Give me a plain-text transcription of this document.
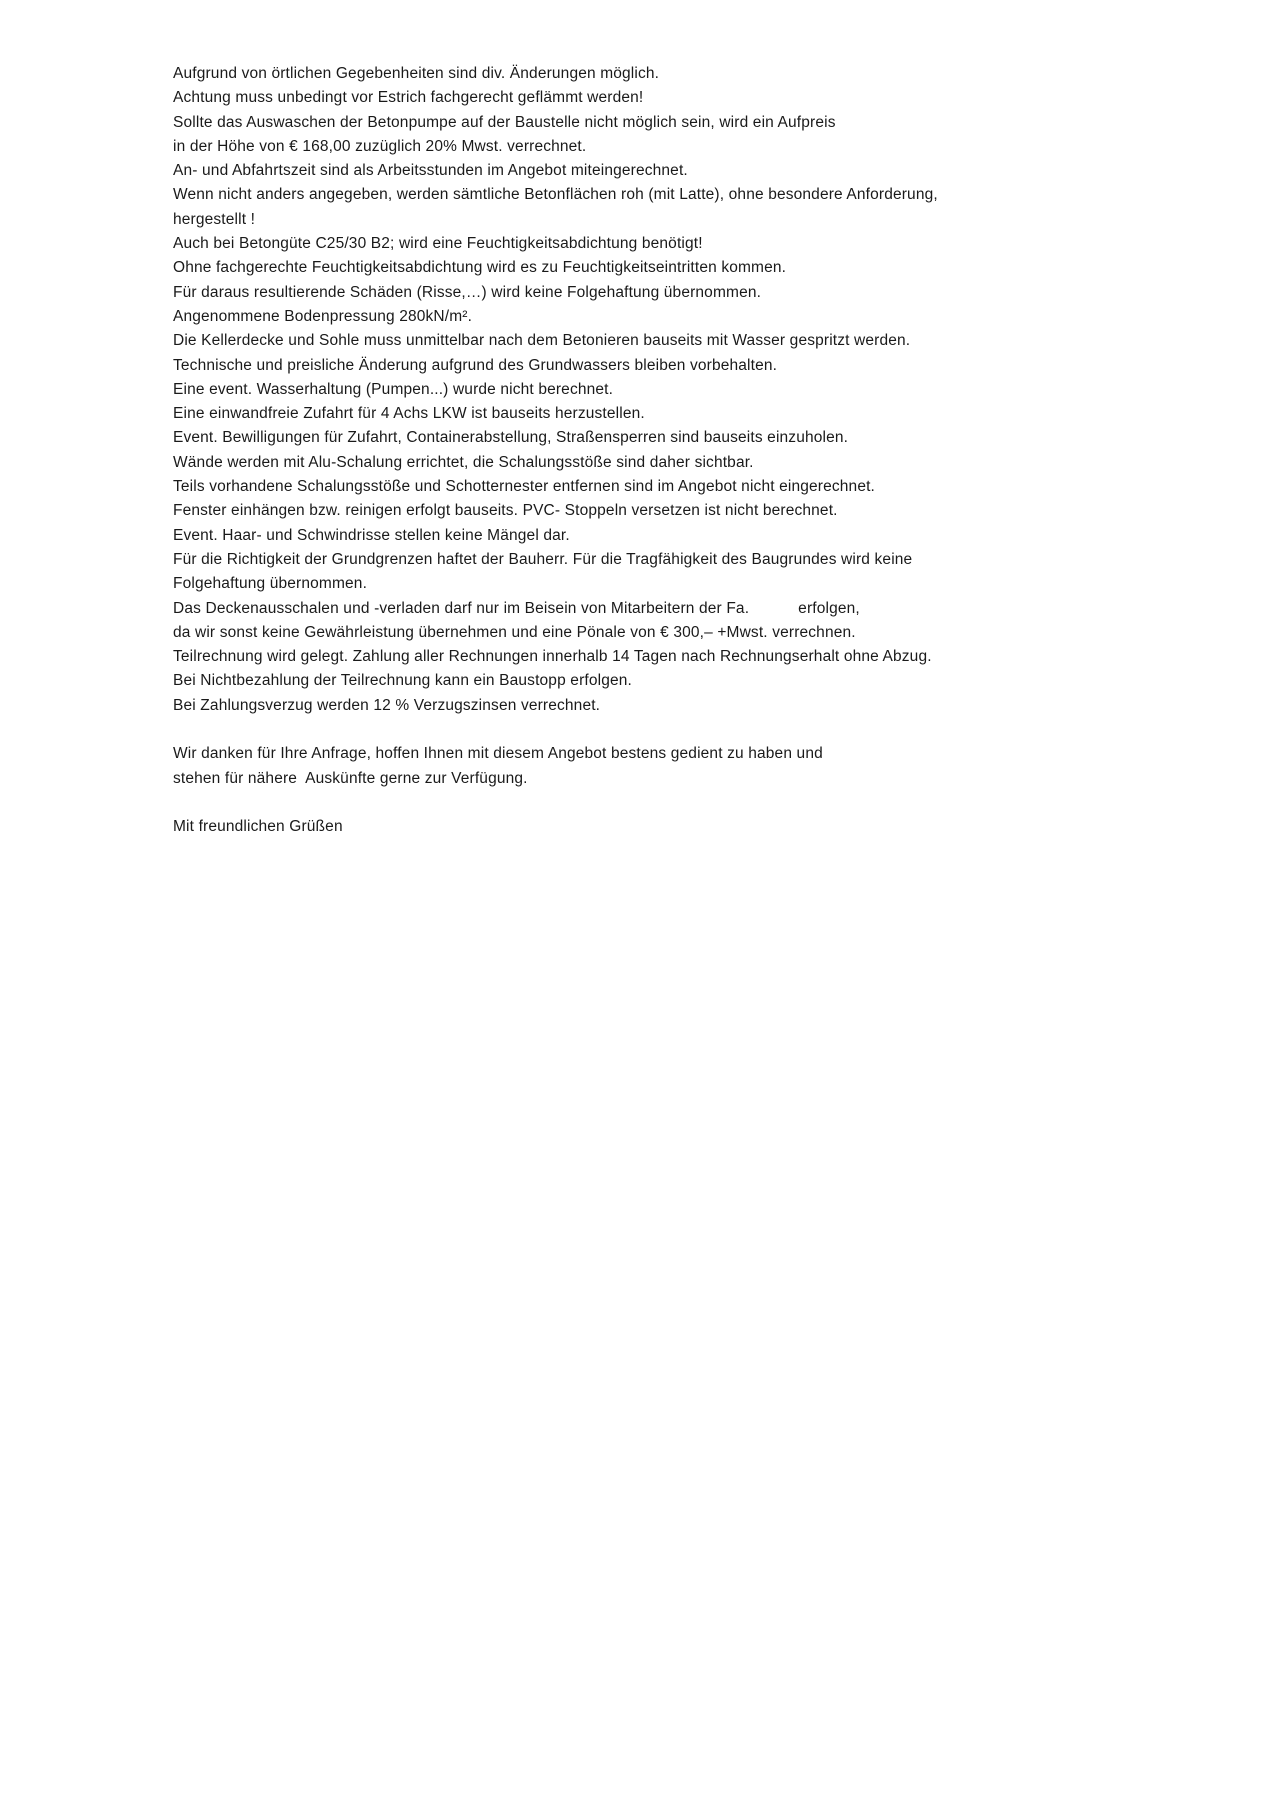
Aufgrund von örtlichen Gegebenheiten sind div. Änderungen möglich.
Achtung muss unbedingt vor Estrich fachgerecht geflämmt werden!
Sollte das Auswaschen der Betonpumpe auf der Baustelle nicht möglich sein, wird ein Aufpreis
in der Höhe von € 168,00 zuzüglich 20% Mwst. verrechnet.
An- und Abfahrtszeit sind als Arbeitsstunden im Angebot miteingerechnet.
Wenn nicht anders angegeben, werden sämtliche Betonflächen roh (mit Latte), ohne besondere Anforderung,
hergestellt !
Auch bei Betongüte C25/30 B2; wird eine Feuchtigkeitsabdichtung benötigt!
Ohne fachgerechte Feuchtigkeitsabdichtung wird es zu Feuchtigkeitseintritten kommen.
Für daraus resultierende Schäden (Risse,…) wird keine Folgehaftung übernommen.
Angenommene Bodenpressung 280kN/m².
Die Kellerdecke und Sohle muss unmittelbar nach dem Betonieren bauseits mit Wasser gespritzt werden.
Technische und preisliche Änderung aufgrund des Grundwassers bleiben vorbehalten.
Eine event. Wasserhaltung (Pumpen...) wurde nicht berechnet.
Eine einwandfreie Zufahrt für 4 Achs LKW ist bauseits herzustellen.
Event. Bewilligungen für Zufahrt, Containerabstellung, Straßensperren sind bauseits einzuholen.
Wände werden mit Alu-Schalung errichtet, die Schalungsstöße sind daher sichtbar.
Teils vorhandene Schalungsstöße und Schotternester entfernen sind im Angebot nicht eingerechnet.
Fenster einhängen bzw. reinigen erfolgt bauseits. PVC- Stoppeln versetzen ist nicht berechnet.
Event. Haar- und Schwindrisse stellen keine Mängel dar.
Für die Richtigkeit der Grundgrenzen haftet der Bauherr. Für die Tragfähigkeit des Baugrundes wird keine
Folgehaftung übernommen.
Das Deckenausschalen und -verladen darf nur im Beisein von Mitarbeitern der Fa.           erfolgen,
da wir sonst keine Gewährleistung übernehmen und eine Pönale von € 300,– +Mwst. verrechnen.
Teilrechnung wird gelegt. Zahlung aller Rechnungen innerhalb 14 Tagen nach Rechnungserhalt ohne Abzug.
Bei Nichtbezahlung der Teilrechnung kann ein Baustopp erfolgen.
Bei Zahlungsverzug werden 12 % Verzugszinsen verrechnet.
Wir danken für Ihre Anfrage, hoffen Ihnen mit diesem Angebot bestens gedient zu haben und
stehen für nähere  Auskünfte gerne zur Verfügung.
Mit freundlichen Grüßen
